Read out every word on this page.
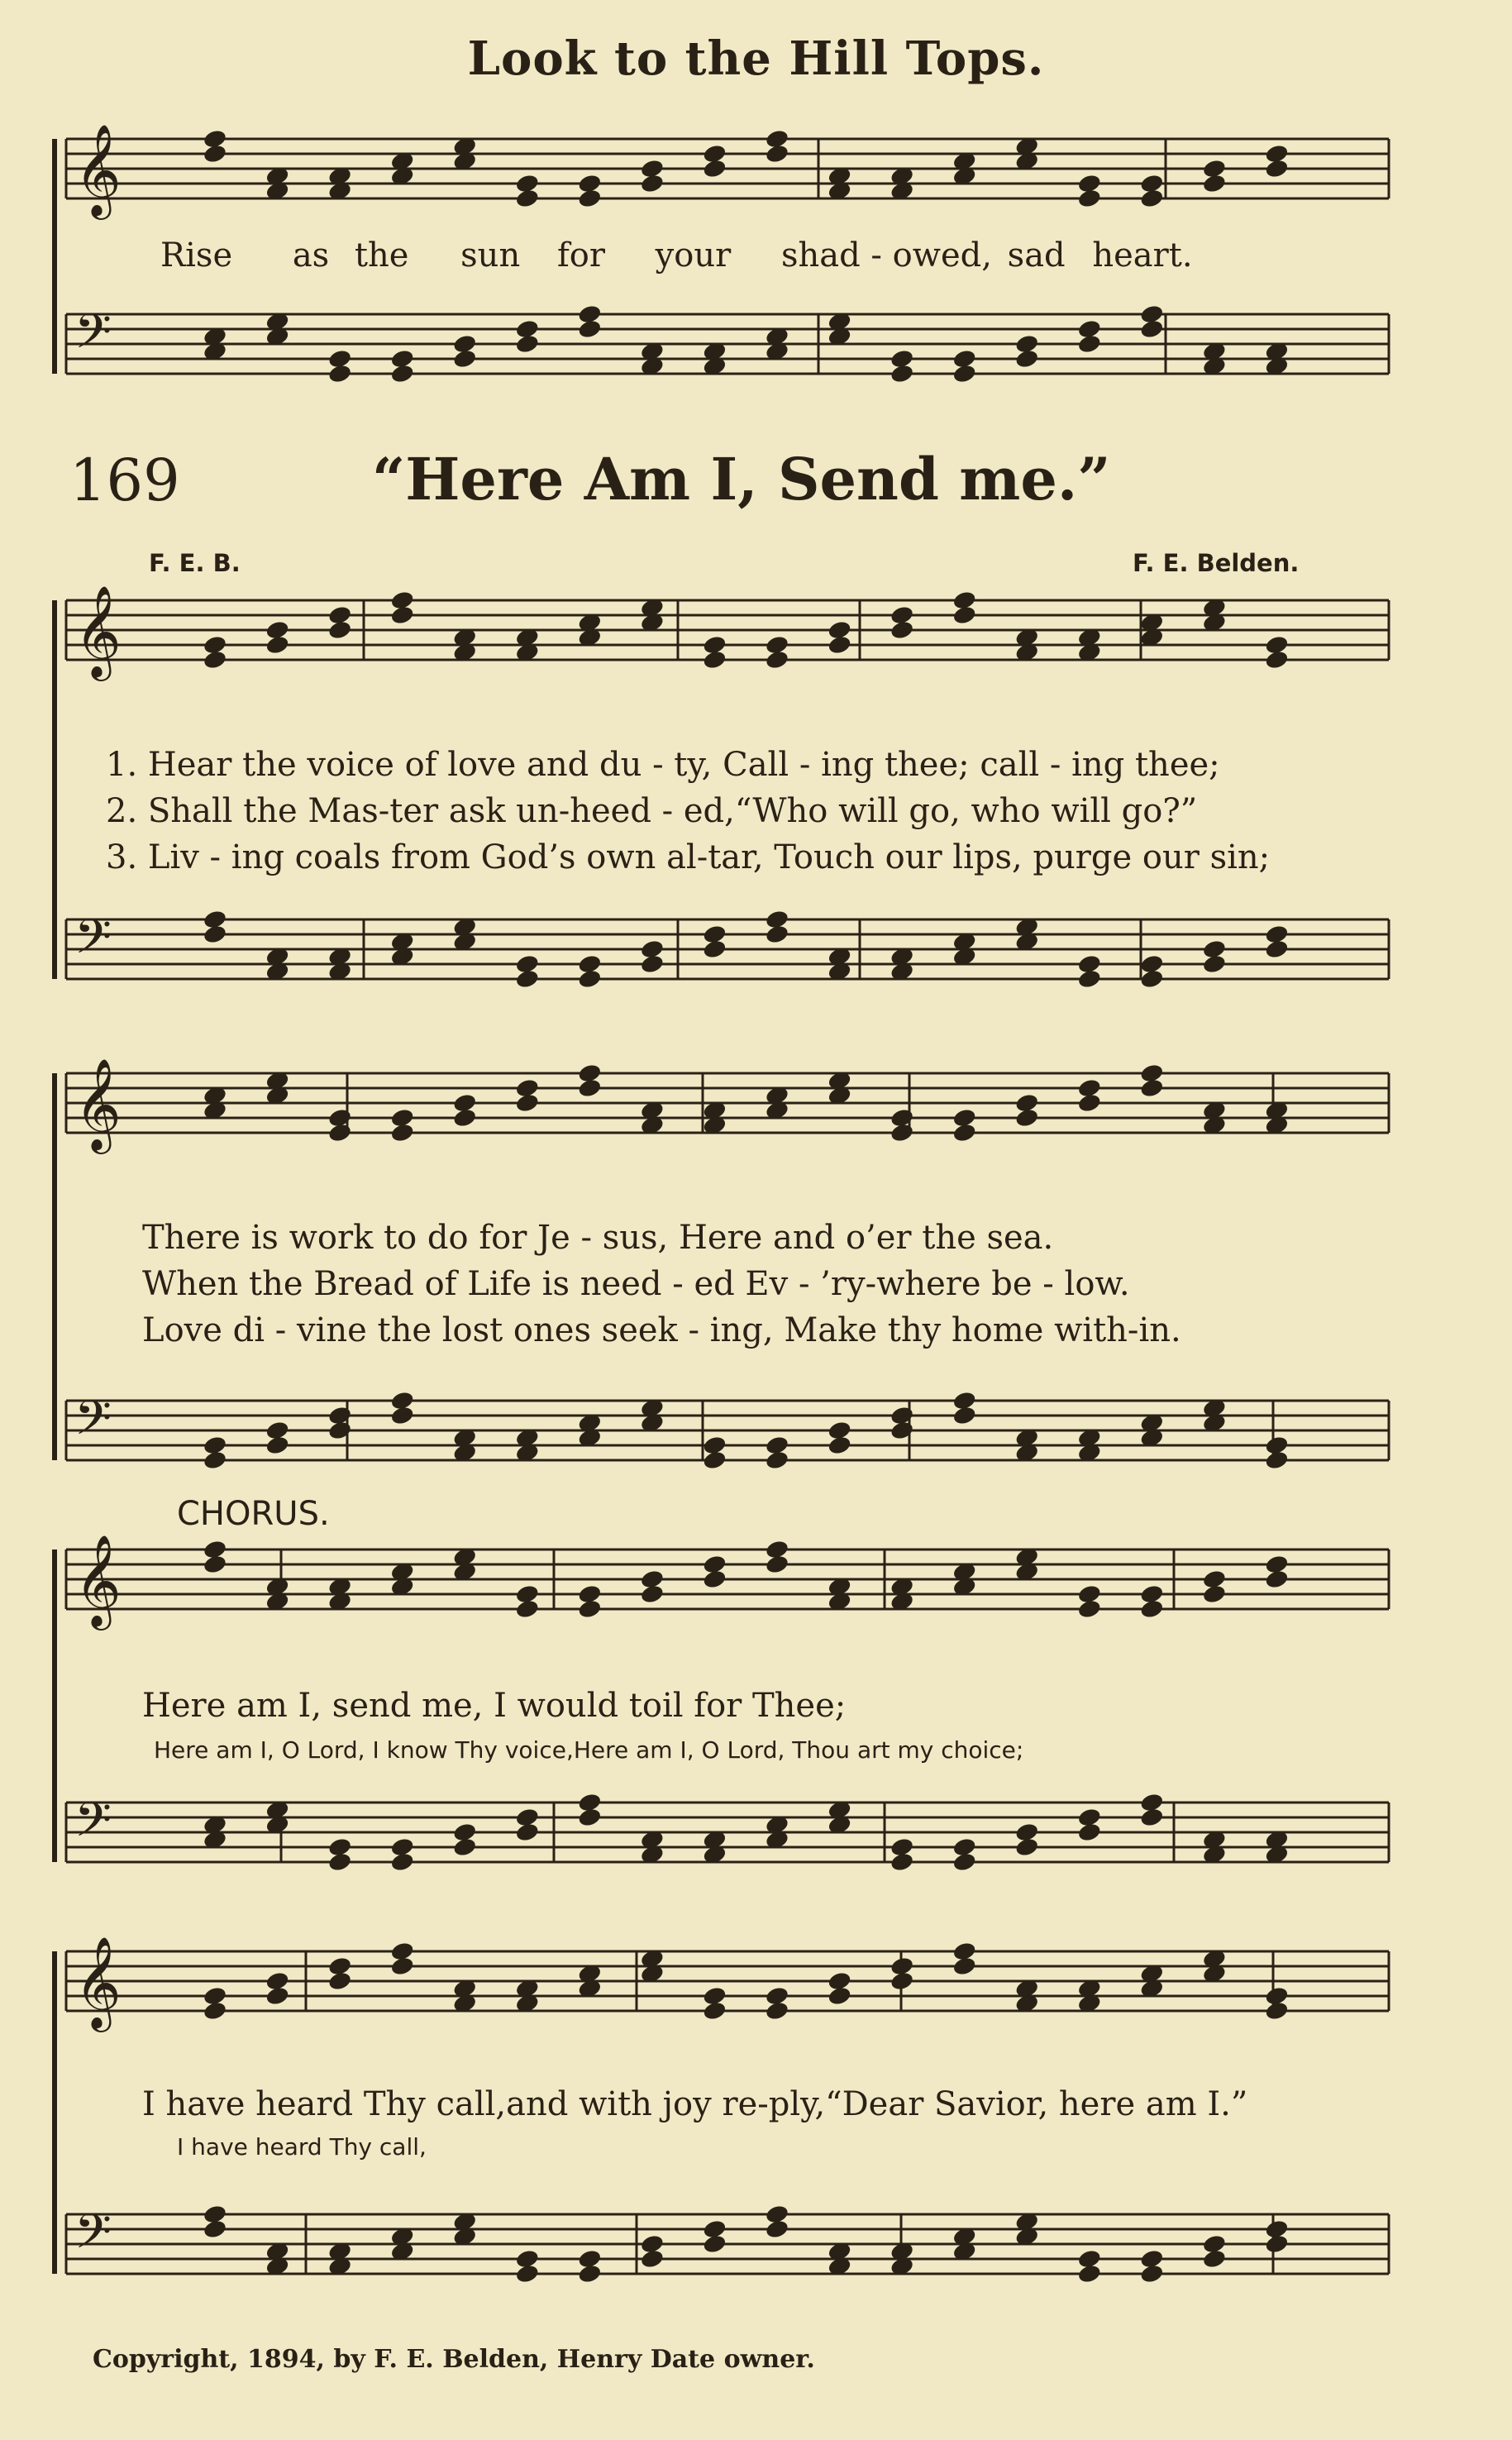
Look to the Hill Tops.
𝄞
𝄢
𝄞
𝄢
𝄞
𝄢
𝄞
𝄢
𝄞
𝄢
Rise as the sun for your shad - owed, sad heart.
169	“Here Am I, Send me.”
F. E. B.	F. E. Belden.
1. Hear the voice of love and du - ty, Call - ing thee; call - ing thee;
2. Shall the Mas-ter ask un-heed - ed,“Who will go, who will go?”
3. Liv - ing coals from God’s own al-tar, Touch our lips, purge our sin;
There is work to do for Je - sus, Here and o’er the sea.
When the Bread of Life is need - ed Ev - ’ry-where be - low.
Love di - vine the lost ones seek - ing, Make thy home with-in.
CHORUS.
Here am I, send me, I would toil for Thee;
Here am I, O Lord, I know Thy voice,Here am I, O Lord, Thou art my choice;
I have heard Thy call,and with joy re-ply,“Dear Savior, here am I.”
I have heard Thy call,
Copyright, 1894, by F. E. Belden, Henry Date owner.
